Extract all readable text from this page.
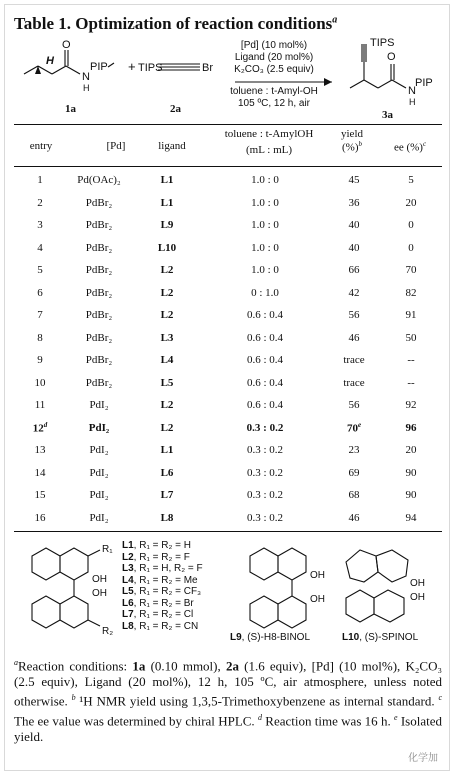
Table 1. Optimization of reaction conditions$^a$
H
O
N
H
PIP
1a
+ TIPS	Br
2a
TIPS
O
N
H
PIP
3a
[Pd] (10 mol%)
Ligand (20 mol%)
K₂CO₃ (2.5 equiv)
toluene : t-Amyl-OH
105 ºC, 12 h, air
entry	[Pd]	ligand
toluene : t-AmylOH
(mL : mL)
yield
(%)$^b$	ee (%)$^c$
1	Pd(OAc)₂	L1	1.0 : 0	45	5
2	PdBr₂	L1	1.0 : 0	36	20
3	PdBr₂	L9	1.0 : 0	40	0
4	PdBr₂	L10	1.0 : 0	40	0
5	PdBr₂	L2	1.0 : 0	66	70
6	PdBr₂	L2	0 : 1.0	42	82
7	PdBr₂	L2	0.6 : 0.4	56	91
8	PdBr₂	L3	0.6 : 0.4	46	50
9	PdBr₂	L4	0.6 : 0.4	trace	--
10	PdBr₂	L5	0.6 : 0.4	trace	--
11	PdI₂	L2	0.6 : 0.4	56	92
12$^d$	PdI₂	L2	0.3 : 0.2	70e	96
13	PdI₂	L1	0.3 : 0.2	23	20
14	PdI₂	L6	0.3 : 0.2	69	90
15	PdI₂	L7	0.3 : 0.2	68	90
16	PdI₂	L8	0.3 : 0.2	46	94
R₁
OH
OH
R₂
OH
OH
OH
OH
L1, R₁ = R₂ = H
L2, R₁ = R₂ = F
L3, R₁ = H, R₂ = F
L4, R₁ = R₂ = Me
L5, R₁ = R₂ = CF₃
L6, R₁ = R₂ = Br
L7, R₁ = R₂ = Cl
L8, R₁ = R₂ = CN
L9, (S)-H8-BINOL	L10, (S)-SPINOL
$^a$Reaction conditions: 1a (0.10 mmol), 2a (1.6 equiv), [Pd] (10 mol%), K₂CO₃ (2.5 equiv), Ligand (20 mol%), 12 h, 105 ºC, air atmosphere, unless noted otherwise. $^b$ ¹H NMR yield using 1,3,5-Trimethoxybenzene as internal standard. $^c$ The ee value was determined by chiral HPLC. $^d$ Reaction time was 16 h. $^e$ Isolated yield.
化学加
